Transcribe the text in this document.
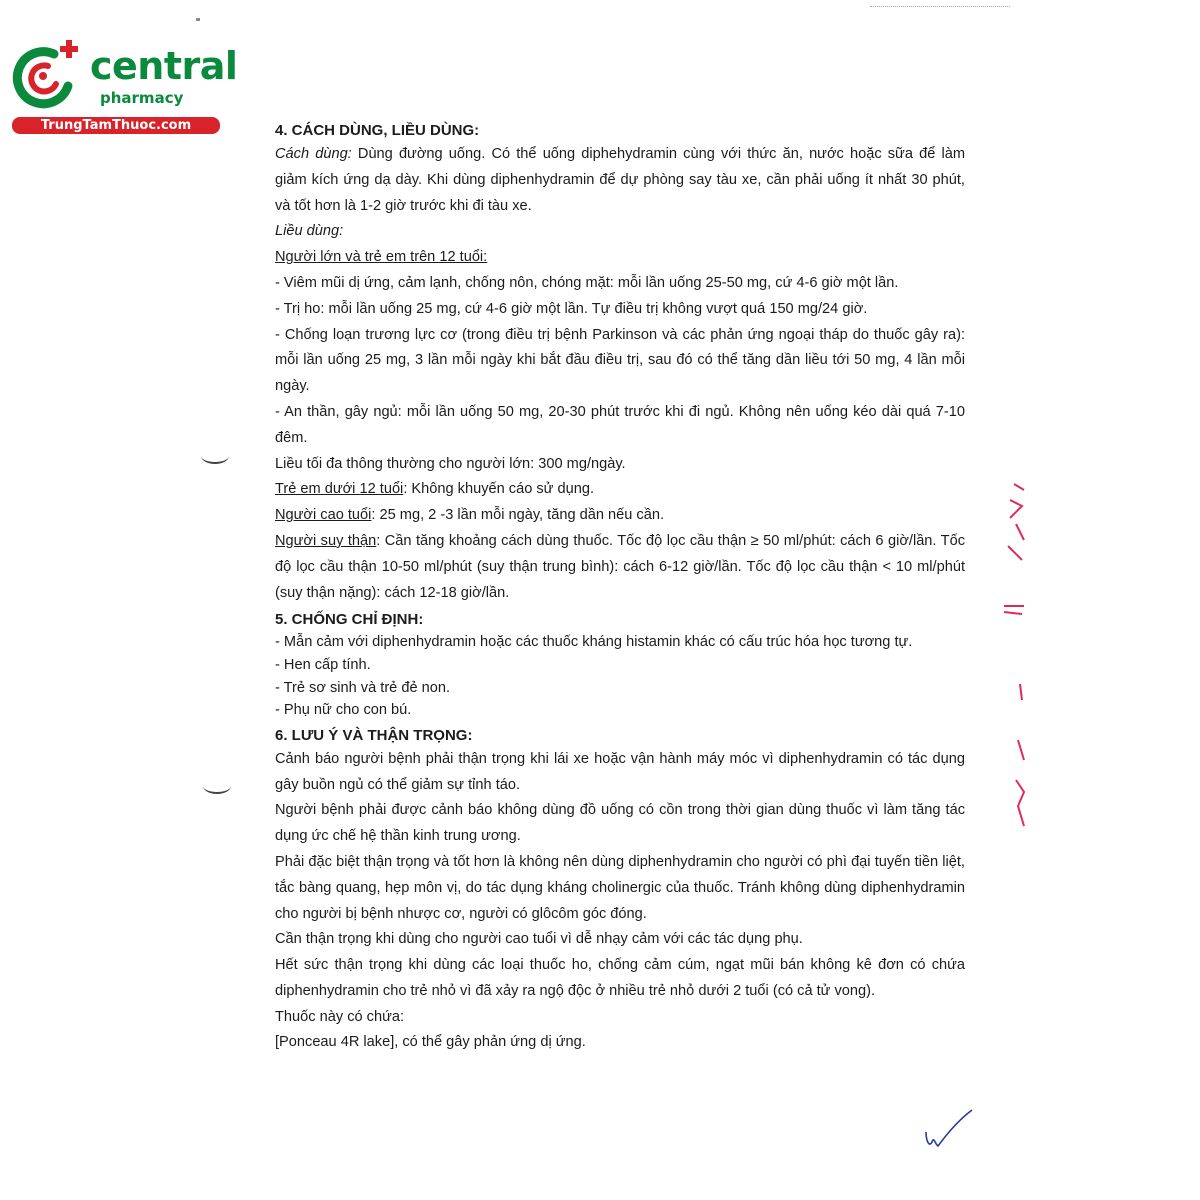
central
pharmacy
TrungTamThuoc.com	4. CÁCH DÙNG, LIỀU DÙNG:

Cách dùng: Dùng đường uống. Có thể uống diphehydramin cùng với thức ăn, nước hoặc sữa để làm giảm kích ứng dạ dày. Khi dùng diphenhydramin để dự phòng say tàu xe, cần phải uống ít nhất 30 phút, và tốt hơn là 1-2 giờ trước khi đi tàu xe.

Liều dùng:

Người lớn và trẻ em trên 12 tuổi:

- Viêm mũi dị ứng, cảm lạnh, chống nôn, chóng mặt: mỗi lần uống 25-50 mg, cứ 4-6 giờ một lần.

- Trị ho: mỗi lần uống 25 mg, cứ 4-6 giờ một lần. Tự điều trị không vượt quá 150 mg/24 giờ.

- Chống loạn trương lực cơ (trong điều trị bệnh Parkinson và các phản ứng ngoại tháp do thuốc gây ra): mỗi lần uống 25 mg, 3 lần mỗi ngày khi bắt đầu điều trị, sau đó có thể tăng dần liều tới 50 mg, 4 lần mỗi ngày.

- An thần, gây ngủ: mỗi lần uống 50 mg, 20-30 phút trước khi đi ngủ. Không nên uống kéo dài quá 7-10 đêm.

Liều tối đa thông thường cho người lớn: 300 mg/ngày.

Trẻ em dưới 12 tuổi: Không khuyến cáo sử dụng.

Người cao tuổi: 25 mg, 2 -3 lần mỗi ngày, tăng dần nếu cần.

Người suy thận: Cần tăng khoảng cách dùng thuốc. Tốc độ lọc cầu thận ≥ 50 ml/phút: cách 6 giờ/lần. Tốc độ lọc cầu thận 10-50 ml/phút (suy thận trung bình): cách 6-12 giờ/lần. Tốc độ lọc cầu thận < 10 ml/phút (suy thận nặng): cách 12-18 giờ/lần.

5. CHỐNG CHỈ ĐỊNH:

- Mẫn cảm với diphenhydramin hoặc các thuốc kháng histamin khác có cấu trúc hóa học tương tự.

- Hen cấp tính.

- Trẻ sơ sinh và trẻ đẻ non.

- Phụ nữ cho con bú.

6. LƯU Ý VÀ THẬN TRỌNG:

Cảnh báo người bệnh phải thận trọng khi lái xe hoặc vận hành máy móc vì diphenhydramin có tác dụng gây buồn ngủ có thể giảm sự tỉnh táo.

Người bệnh phải được cảnh báo không dùng đồ uống có cồn trong thời gian dùng thuốc vì làm tăng tác dụng ức chế hệ thần kinh trung ương.

Phải đặc biệt thận trọng và tốt hơn là không nên dùng diphenhydramin cho người có phì đại tuyến tiền liệt, tắc bàng quang, hẹp môn vị, do tác dụng kháng cholinergic của thuốc. Tránh không dùng diphenhydramin cho người bị bệnh nhược cơ, người có glôcôm góc đóng.

Cần thận trọng khi dùng cho người cao tuổi vì dễ nhạy cảm với các tác dụng phụ.

Hết sức thận trọng khi dùng các loại thuốc ho, chống cảm cúm, ngạt mũi bán không kê đơn có chứa diphenhydramin cho trẻ nhỏ vì đã xảy ra ngộ độc ở nhiều trẻ nhỏ dưới 2 tuổi (có cả tử vong).

Thuốc này có chứa:

[Ponceau 4R lake], có thể gây phản ứng dị ứng.
